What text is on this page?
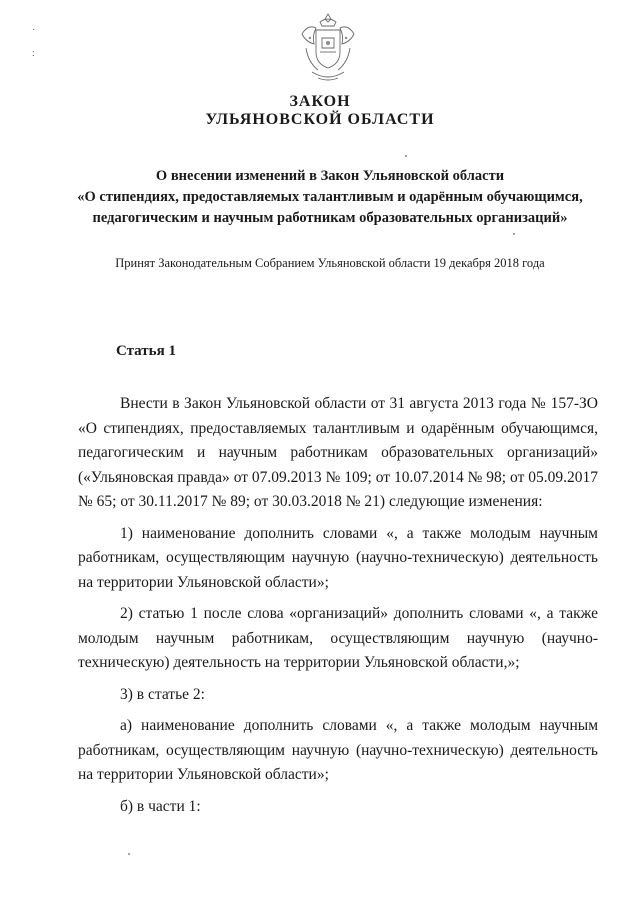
˙
:
ЗАКОН
УЛЬЯНОВСКОЙ ОБЛАСТИ
О внесении изменений в Закон Ульяновской области
«О стипендиях, предоставляемых талантливым и одарённым обучающимся,
педагогическим и научным работникам образовательных организаций»
Принят Законодательным Собранием Ульяновской области 19 декабря 2018 года
Статья 1

Внести в Закон Ульяновской области от 31 августа 2013 года № 157-ЗО «О стипендиях, предоставляемых талантливым и одарённым обучающимся, педагогическим и научным работникам образовательных организаций» («Ульяновская правда» от 07.09.2013 № 109; от 10.07.2014 № 98; от 05.09.2017 № 65; от 30.11.2017 № 89; от 30.03.2018 № 21) следующие изменения:

1) наименование дополнить словами «, а также молодым научным работникам, осуществляющим научную (научно-техническую) деятельность на территории Ульяновской области»;

2) статью 1 после слова «организаций» дополнить словами «, а также молодым научным работникам, осуществляющим научную (научно-техническую) деятельность на территории Ульяновской области,»;

3) в статье 2:

а) наименование дополнить словами «, а также молодым научным работникам, осуществляющим научную (научно-техническую) деятельность на территории Ульяновской области»;

б) в части 1:
